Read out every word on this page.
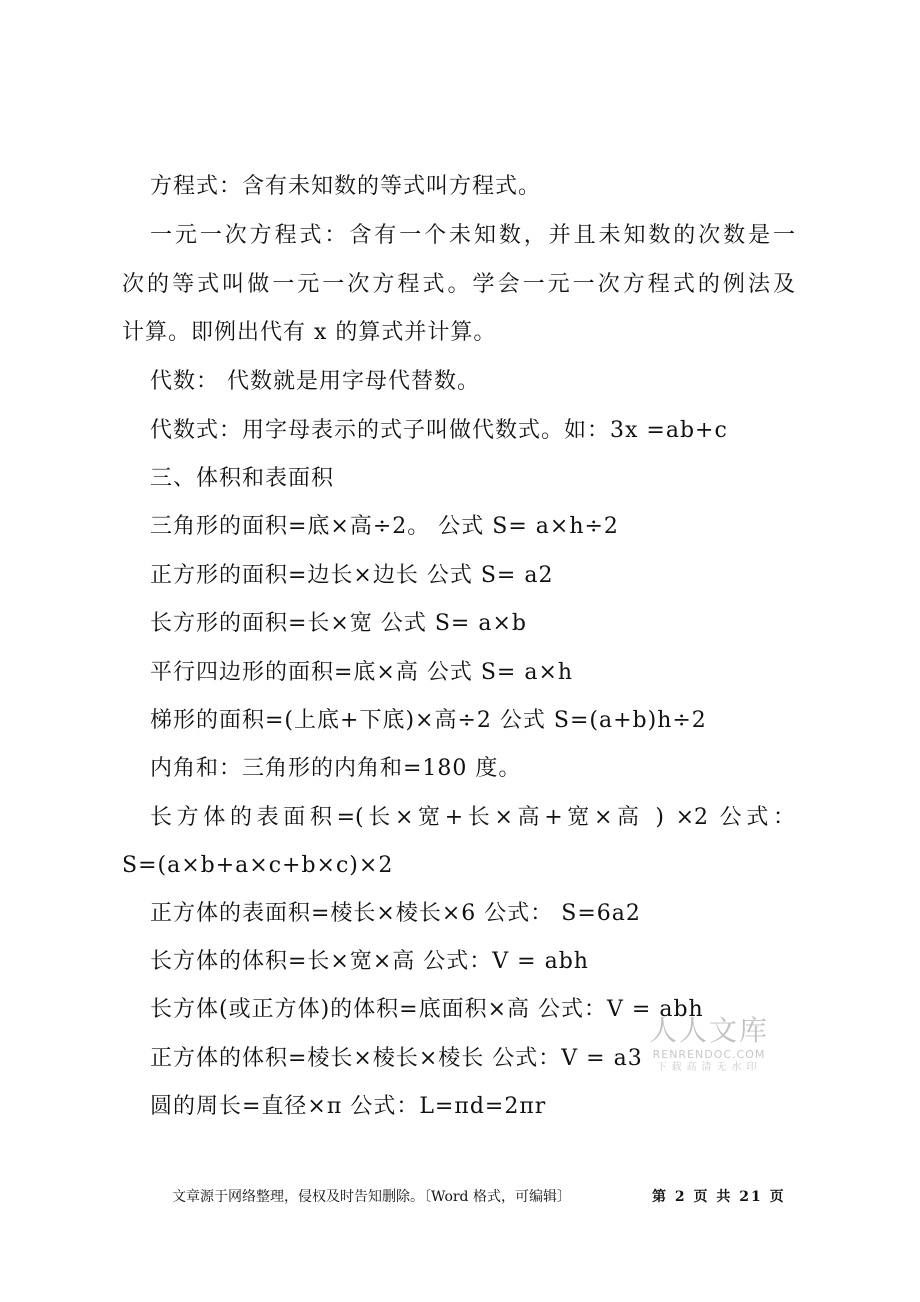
方程式：含有未知数的等式叫方程式。

一元一次方程式：含有一个未知数，并且未知数的次数是一

次的等式叫做一元一次方程式。学会一元一次方程式的例法及

计算。即例出代有 x 的算式并计算。

代数： 代数就是用字母代替数。

代数式：用字母表示的式子叫做代数式。如：3x =ab+c

三、体积和表面积

三角形的面积=底×高÷2。 公式 S= a×h÷2

正方形的面积=边长×边长 公式 S= a2

长方形的面积=长×宽 公式 S= a×b

平行四边形的面积=底×高 公式 S= a×h

梯形的面积=(上底+下底)×高÷2 公式 S=(a+b)h÷2

内角和：三角形的内角和=180 度。

长方体的表面积=(长×宽+长×高+宽×高 ) ×2 公式：

S=(a×b+a×c+b×c)×2

正方体的表面积=棱长×棱长×6 公式： S=6a2

长方体的体积=长×宽×高 公式：V = abh

长方体(或正方体)的体积=底面积×高 公式：V = abh

正方体的体积=棱长×棱长×棱长 公式：V = a3

圆的周长=直径×π 公式：L=πd=2πr

人人文库
RENRENDOC.COM
下载高清无水印
文章源于网络整理，侵权及时告知删除。〔Word 格式，可编辑〕	第 2 页 共 21 页
